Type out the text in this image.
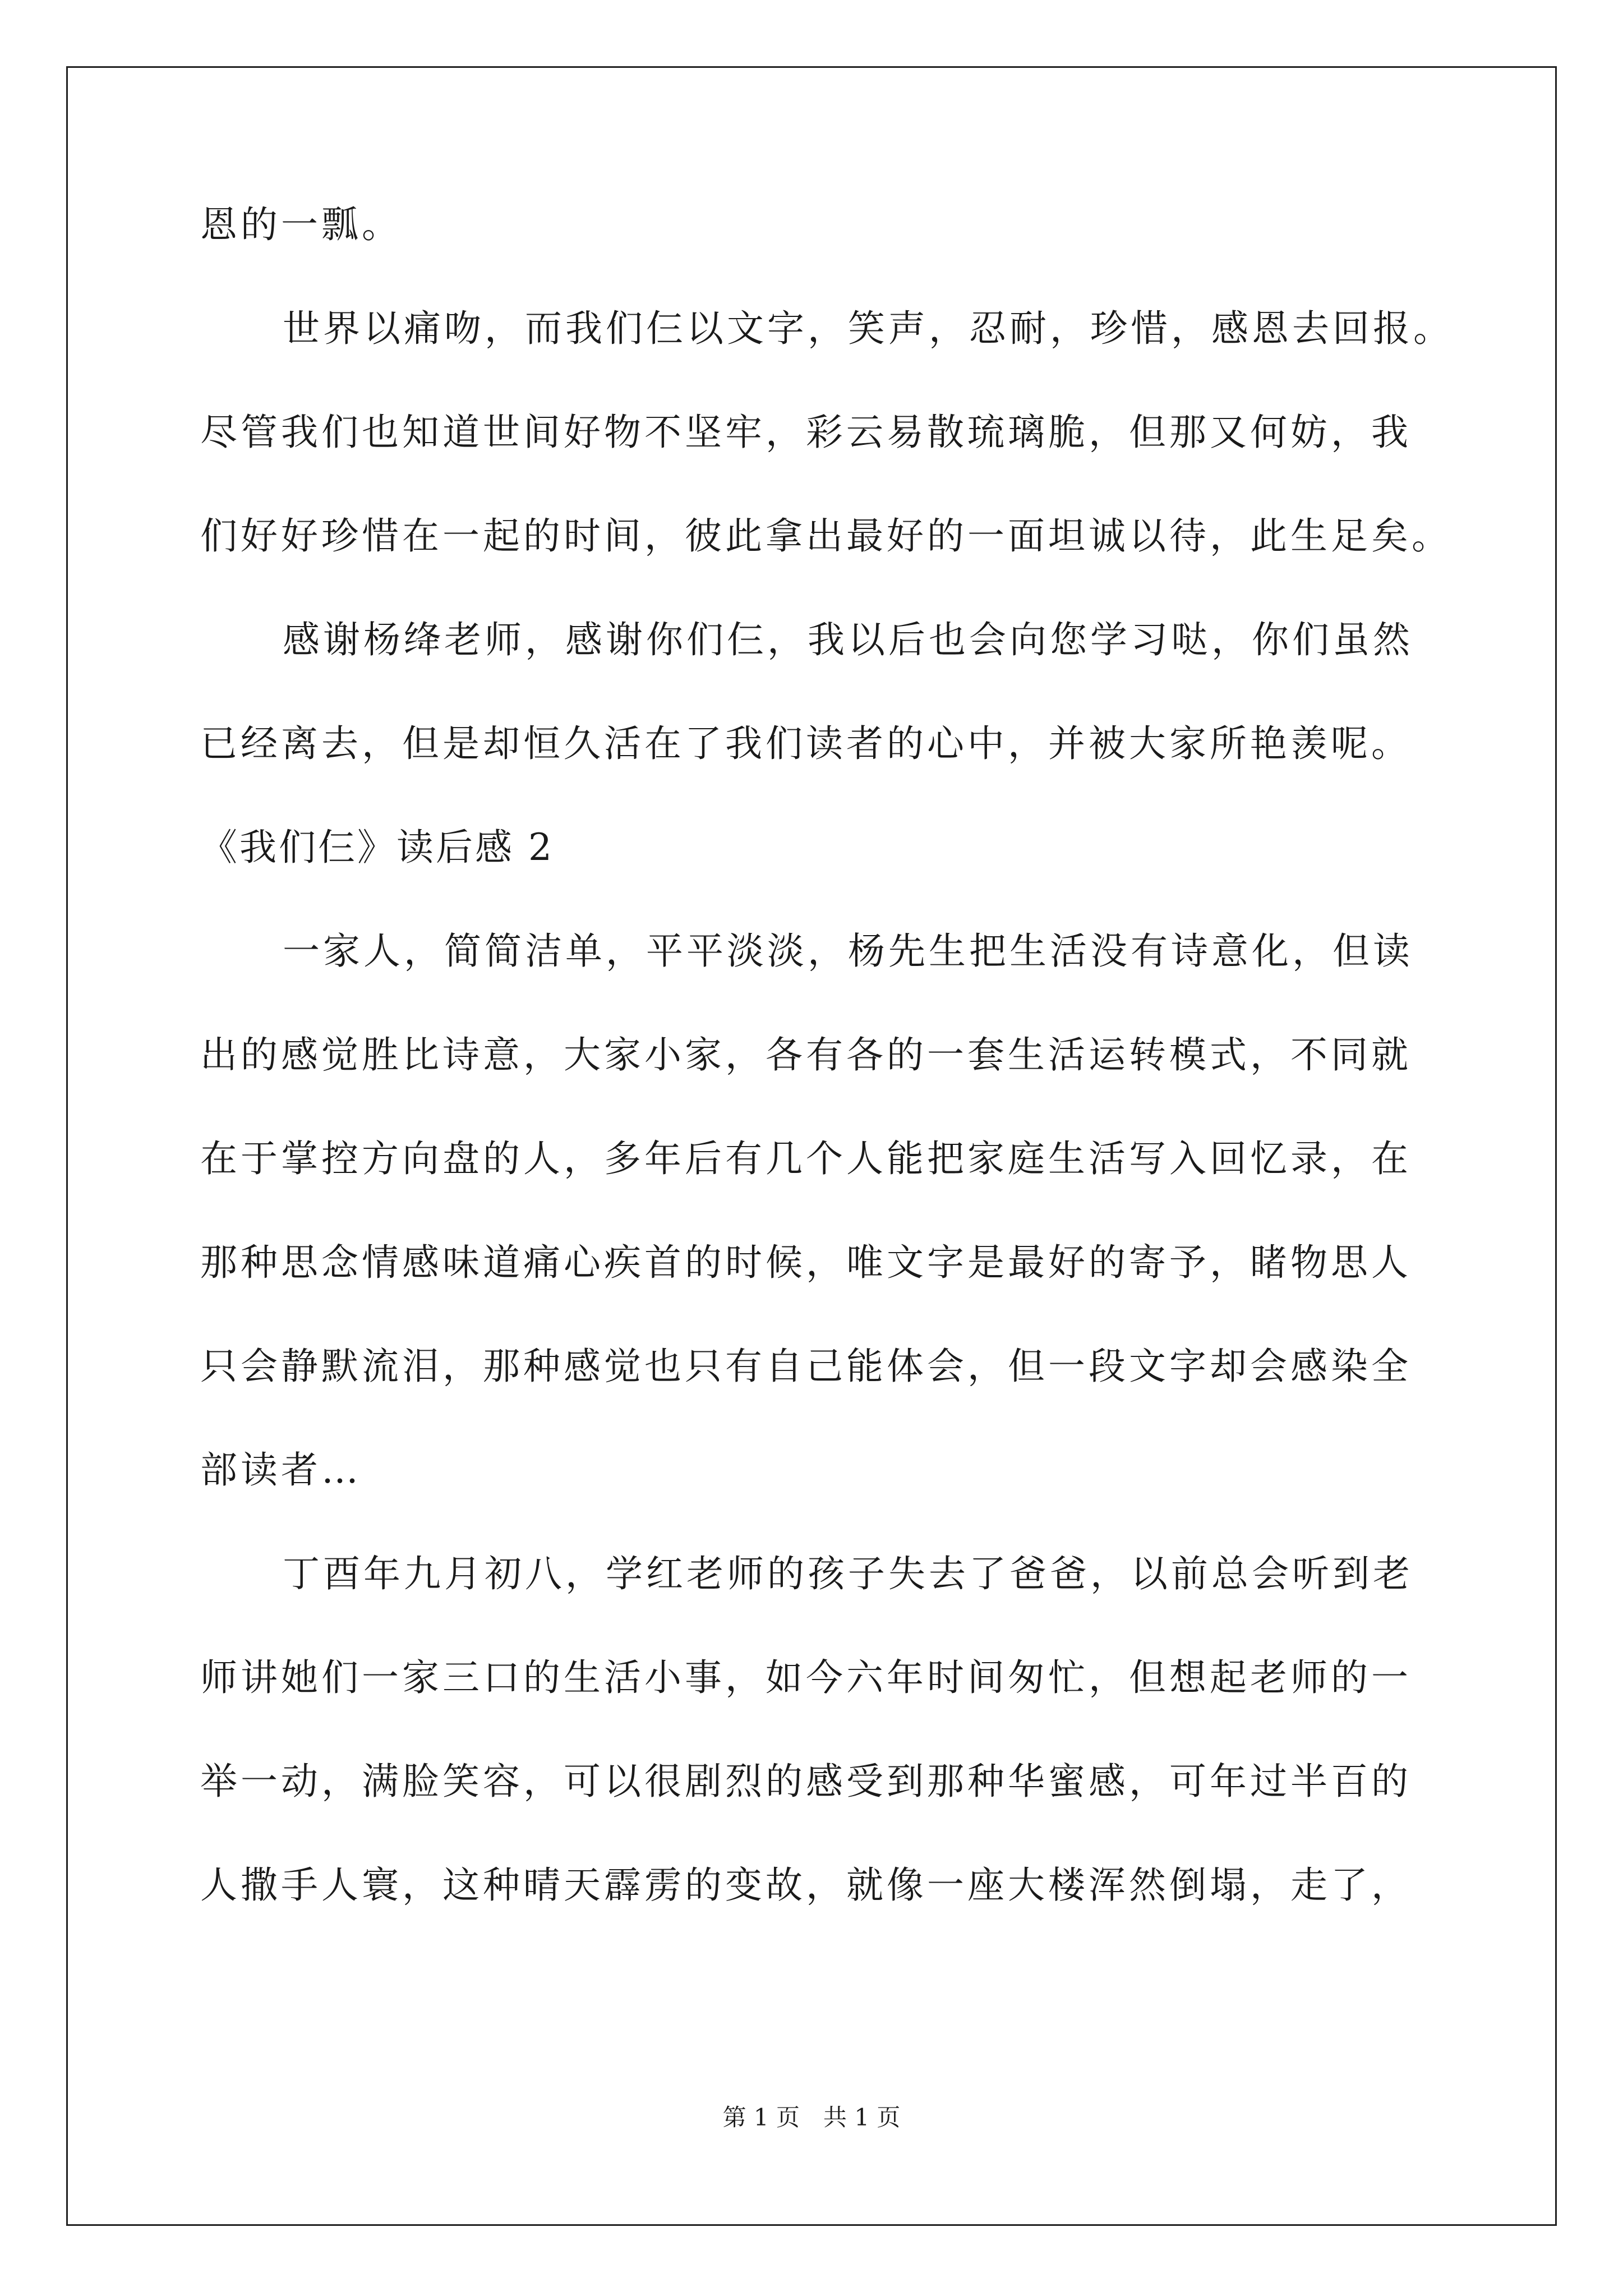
恩的一瓢。
世界以痛吻，而我们仨以文字，笑声，忍耐，珍惜，感恩去回报。
尽管我们也知道世间好物不坚牢，彩云易散琉璃脆，但那又何妨，我
们好好珍惜在一起的时间，彼此拿出最好的一面坦诚以待，此生足矣。
感谢杨绛老师，感谢你们仨，我以后也会向您学习哒，你们虽然
已经离去，但是却恒久活在了我们读者的心中，并被大家所艳羡呢。
《我们仨》读后感 2
一家人，简简洁单，平平淡淡，杨先生把生活没有诗意化，但读
出的感觉胜比诗意，大家小家，各有各的一套生活运转模式，不同就
在于掌控方向盘的人，多年后有几个人能把家庭生活写入回忆录，在
那种思念情感味道痛心疾首的时候，唯文字是最好的寄予，睹物思人
只会静默流泪，那种感觉也只有自己能体会，但一段文字却会感染全
部读者…
丁酉年九月初八，学红老师的孩子失去了爸爸，以前总会听到老
师讲她们一家三口的生活小事，如今六年时间匆忙，但想起老师的一
举一动，满脸笑容，可以很剧烈的感受到那种华蜜感，可年过半百的
人撒手人寰，这种晴天霹雳的变故，就像一座大楼浑然倒塌，走了，
第 1 页　共 1 页
